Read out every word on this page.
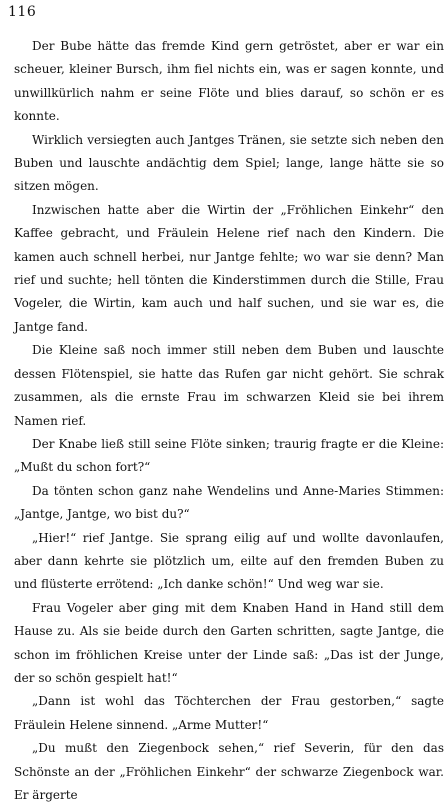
116

Der Bube hätte das fremde Kind gern getröstet, aber er war ein scheuer, kleiner Bursch, ihm fiel nichts ein, was er sagen konnte, und unwillkürlich nahm er seine Flöte und blies darauf, so schön er es konnte.

Wirklich versiegten auch Jantges Tränen, sie setzte sich neben den Buben und lauschte andächtig dem Spiel; lange, lange hätte sie so sitzen mögen.

Inzwischen hatte aber die Wirtin der „Fröhlichen Einkehr“ den Kaffee gebracht, und Fräulein Helene rief nach den Kindern. Die kamen auch schnell herbei, nur Jantge fehlte; wo war sie denn? Man rief und suchte; hell tönten die Kinderstimmen durch die Stille, Frau Vogeler, die Wirtin, kam auch und half suchen, und sie war es, die Jantge fand.

Die Kleine saß noch immer still neben dem Buben und lauschte dessen Flötenspiel, sie hatte das Rufen gar nicht gehört. Sie schrak zusammen, als die ernste Frau im schwarzen Kleid sie bei ihrem Namen rief.

Der Knabe ließ still seine Flöte sinken; traurig fragte er die Kleine: „Mußt du schon fort?“

Da tönten schon ganz nahe Wendelins und Anne-Maries Stimmen: „Jantge, Jantge, wo bist du?“

„Hier!“ rief Jantge. Sie sprang eilig auf und wollte davonlaufen, aber dann kehrte sie plötzlich um, eilte auf den fremden Buben zu und flüsterte errötend: „Ich danke schön!“ Und weg war sie.

Frau Vogeler aber ging mit dem Knaben Hand in Hand still dem Hause zu. Als sie beide durch den Garten schritten, sagte Jantge, die schon im fröhlichen Kreise unter der Linde saß: „Das ist der Junge, der so schön gespielt hat!“

„Dann ist wohl das Töchterchen der Frau gestorben,“ sagte Fräulein Helene sinnend. „Arme Mutter!“

„Du mußt den Ziegenbock sehen,“ rief Severin, für den das Schönste an der „Fröhlichen Einkehr“ der schwarze Ziegenbock war. Er ärgerte
